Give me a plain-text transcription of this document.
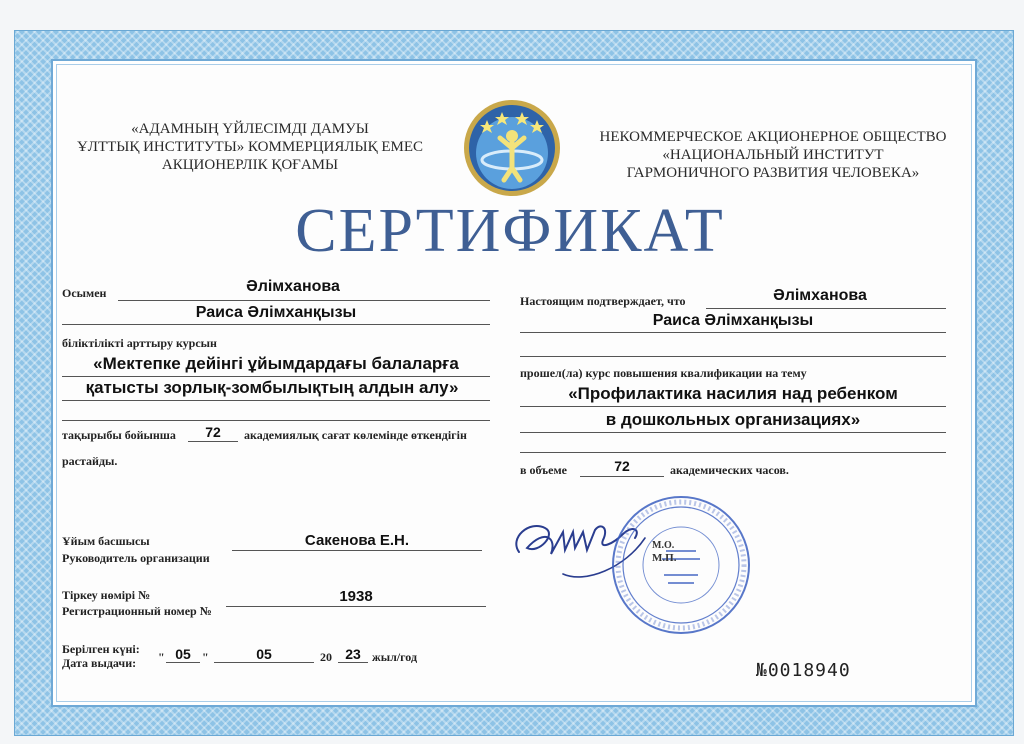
«АДАМНЫҢ ҮЙЛЕСІМДІ ДАМУЫ
ҰЛТТЫҚ ИНСТИТУТЫ» КОММЕРЦИЯЛЫҚ ЕМЕС
АКЦИОНЕРЛІК ҚОҒАМЫ
НЕКОММЕРЧЕСКОЕ АКЦИОНЕРНОЕ ОБЩЕСТВО
«НАЦИОНАЛЬНЫЙ ИНСТИТУТ
ГАРМОНИЧНОГО РАЗВИТИЯ ЧЕЛОВЕКА»
СЕРТИФИКАТ
Осымен	Әлімханова
Раиса Әлімханқызы
біліктілікті арттыру курсын
«Мектепке дейінгі ұйымдардағы балаларға
қатысты зорлық-зомбылықтың алдын алу»
тақырыбы бойынша	72	академиялық сағат көлемінде өткендігін
растайды.
Настоящим подтверждает, что	Әлімханова
Раиса Әлімханқызы
прошел(ла) курс повышения квалификации на тему
«Профилактика насилия над ребенком
в дошкольных организациях»
в объеме	72	академических часов.
Ұйым басшысы
Руководитель организации
Сакенова Е.Н.	М.О.
М.П.
Тіркеу нөмірі №
Регистрационный номер №
1938
Берілген күні:
Дата выдачи: " 05 "	05	20 23 жыл/год
№0018940
